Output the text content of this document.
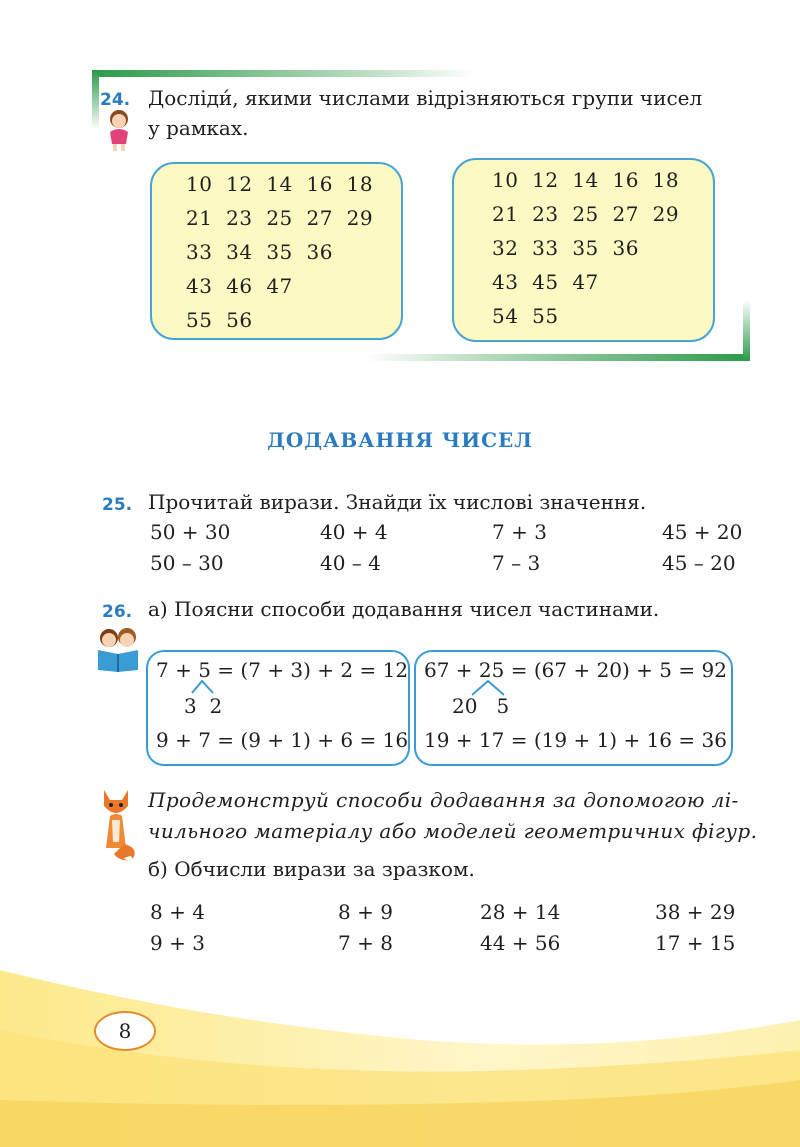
24. Досліди́, якими числами відрізняються групи чисел
у рамках.
10  12  14  16  18
21  23  25  27  29
33  34  35  36
43  46  47
55  56
10  12  14  16  18
21  23  25  27  29
32  33  35  36
43  45  47
54  55
ДОДАВАННЯ ЧИСЕЛ
25. Прочитай вирази. Знайди їх числові значення.
50 + 30	40 + 4	7 + 3	45 + 20
50 – 30	40 – 4	7 – 3	45 – 20
26. а) Поясни способи додавання чисел частинами.
7 + 5 = (7 + 3) + 2 = 12
3  2
9 + 7 = (9 + 1) + 6 = 16
67 + 25 = (67 + 20) + 5 = 92
20   5
19 + 17 = (19 + 1) + 16 = 36
Продемонструй способи додавання за допомогою лі-
чильного матеріалу або моделей геометричних фігур.
б) Обчисли вирази за зразком.
8 + 4	8 + 9	28 + 14	38 + 29
9 + 3	7 + 8	44 + 56	17 + 15
8
